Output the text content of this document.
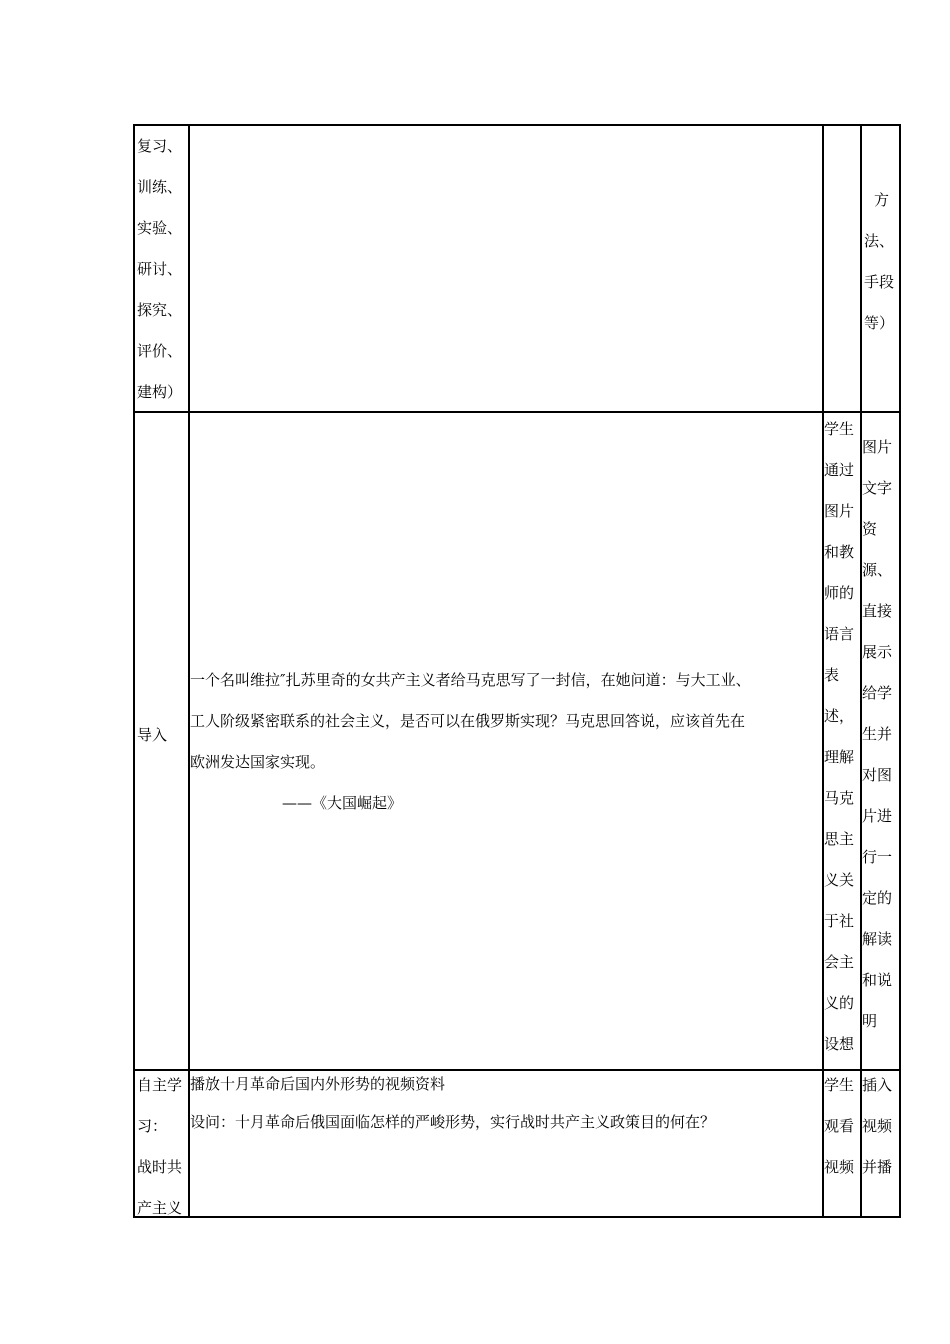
复习、
训练、
实验、
研讨、
探究、
评价、
建构）
方
法、
手段
等）
导入
一个名叫维拉″扎苏里奇的女共产主义者给马克思写了一封信，在她问道：与大工业、
工人阶级紧密联系的社会主义，是否可以在俄罗斯实现？马克思回答说，应该首先在
欧洲发达国家实现。
——《大国崛起》
学生
通过
图片
和教
师的
语言
表
述，
理解
马克
思主
义关
于社
会主
义的
设想
图片
文字
资
源、
直接
展示
给学
生并
对图
片进
行一
定的
解读
和说
明
自主学
习：
战时共
产主义
播放十月革命后国内外形势的视频资料
设问：十月革命后俄国面临怎样的严峻形势，实行战时共产主义政策目的何在？
学生
观看
视频
插入
视频
并播
